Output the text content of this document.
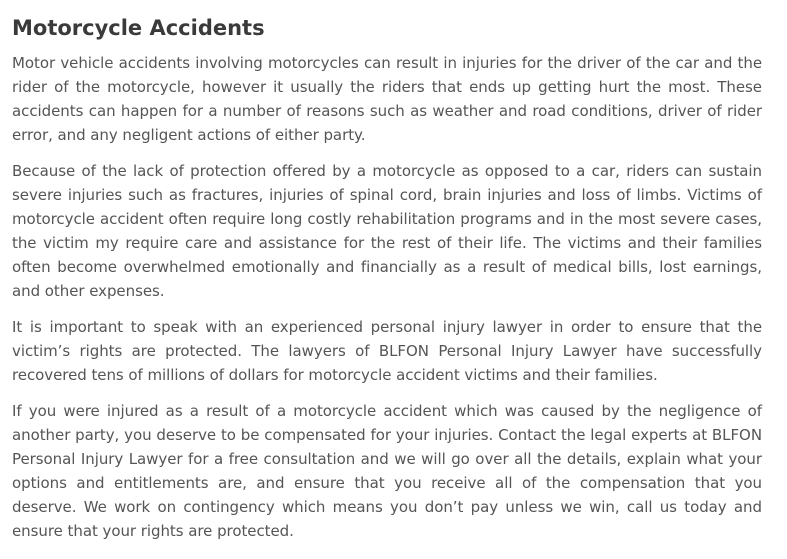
Motorcycle Accidents

Motor vehicle accidents involving motorcycles can result in injuries for the driver of the car and the rider of the motorcycle, however it usually the riders that ends up getting hurt the most. These accidents can happen for a number of reasons such as weather and road conditions, driver of rider error, and any negligent actions of either party.

Because of the lack of protection offered by a motorcycle as opposed to a car, riders can sustain severe injuries such as fractures, injuries of spinal cord, brain injuries and loss of limbs. Victims of motorcycle accident often require long costly rehabilitation programs and in the most severe cases, the victim my require care and assistance for the rest of their life. The victims and their families often become overwhelmed emotionally and financially as a result of medical bills, lost earnings, and other expenses.

It is important to speak with an experienced personal injury lawyer in order to ensure that the victim’s rights are protected. The lawyers of BLFON Personal Injury Lawyer have successfully recovered tens of millions of dollars for motorcycle accident victims and their families.

If you were injured as a result of a motorcycle accident which was caused by the negligence of another party, you deserve to be compensated for your injuries. Contact the legal experts at BLFON Personal Injury Lawyer for a free consultation and we will go over all the details, explain what your options and entitlements are, and ensure that you receive all of the compensation that you deserve. We work on contingency which means you don’t pay unless we win, call us today and ensure that your rights are protected.
